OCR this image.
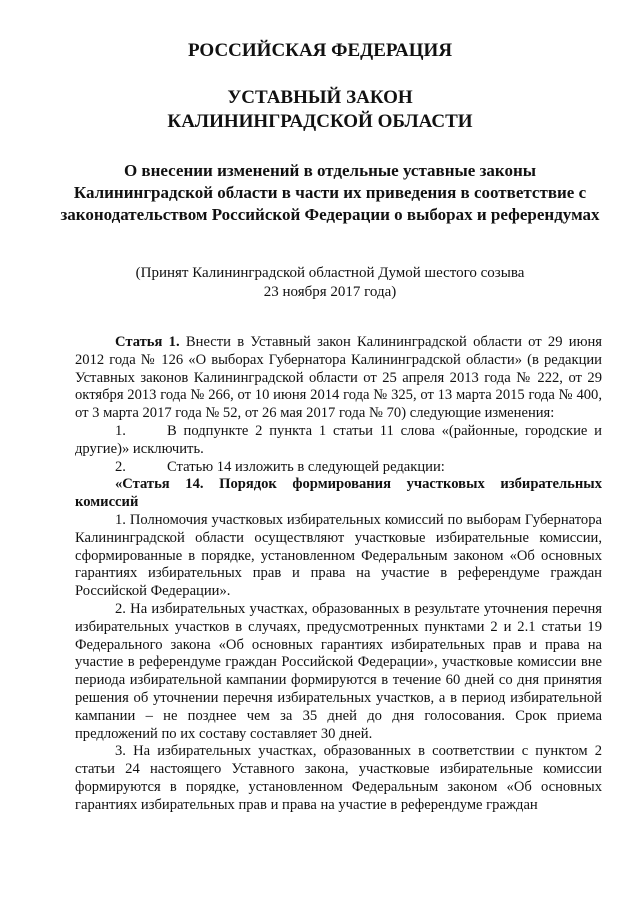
РОССИЙСКАЯ ФЕДЕРАЦИЯ
УСТАВНЫЙ ЗАКОН
КАЛИНИНГРАДСКОЙ ОБЛАСТИ
О внесении изменений в отдельные уставные законы Калининградской области в части их приведения в соответствие с законодательством Российской Федерации о выборах и референдумах
(Принят Калининградской областной Думой шестого созыва
23 ноября 2017 года)

Статья 1. Внести в Уставный закон Калининградской области от 29 июня 2012 года № 126 «О выборах Губернатора Калининградской области» (в редакции Уставных законов Калининградской области от 25 апреля 2013 года № 222, от 29 октября 2013 года № 266, от 10 июня 2014 года № 325, от 13 марта 2015 года № 400, от 3 марта 2017 года № 52, от 26 мая 2017 года № 70) следующие изменения:

1.	В подпункте 2 пункта 1 статьи 11 слова «(районные, городские и другие)» исключить.

2.	Статью 14 изложить в следующей редакции:

«Статья 14. Порядок формирования участковых избирательных комиссий

1. Полномочия участковых избирательных комиссий по выборам Губернатора Калининградской области осуществляют участковые избирательные комиссии, сформированные в порядке, установленном Федеральным законом «Об основных гарантиях избирательных прав и права на участие в референдуме граждан Российской Федерации».

2. На избирательных участках, образованных в результате уточнения перечня избирательных участков в случаях, предусмотренных пунктами 2 и 2.1 статьи 19 Федерального закона «Об основных гарантиях избирательных прав и права на участие в референдуме граждан Российской Федерации», участковые комиссии вне периода избирательной кампании формируются в течение 60 дней со дня принятия решения об уточнении перечня избирательных участков, а в период избирательной кампании – не позднее чем за 35 дней до дня голосования. Срок приема предложений по их составу составляет 30 дней.

3. На избирательных участках, образованных в соответствии с пунктом 2 статьи 24 настоящего Уставного закона, участковые избирательные комиссии формируются в порядке, установленном Федеральным законом «Об основных гарантиях избирательных прав и права на участие в референдуме граждан
